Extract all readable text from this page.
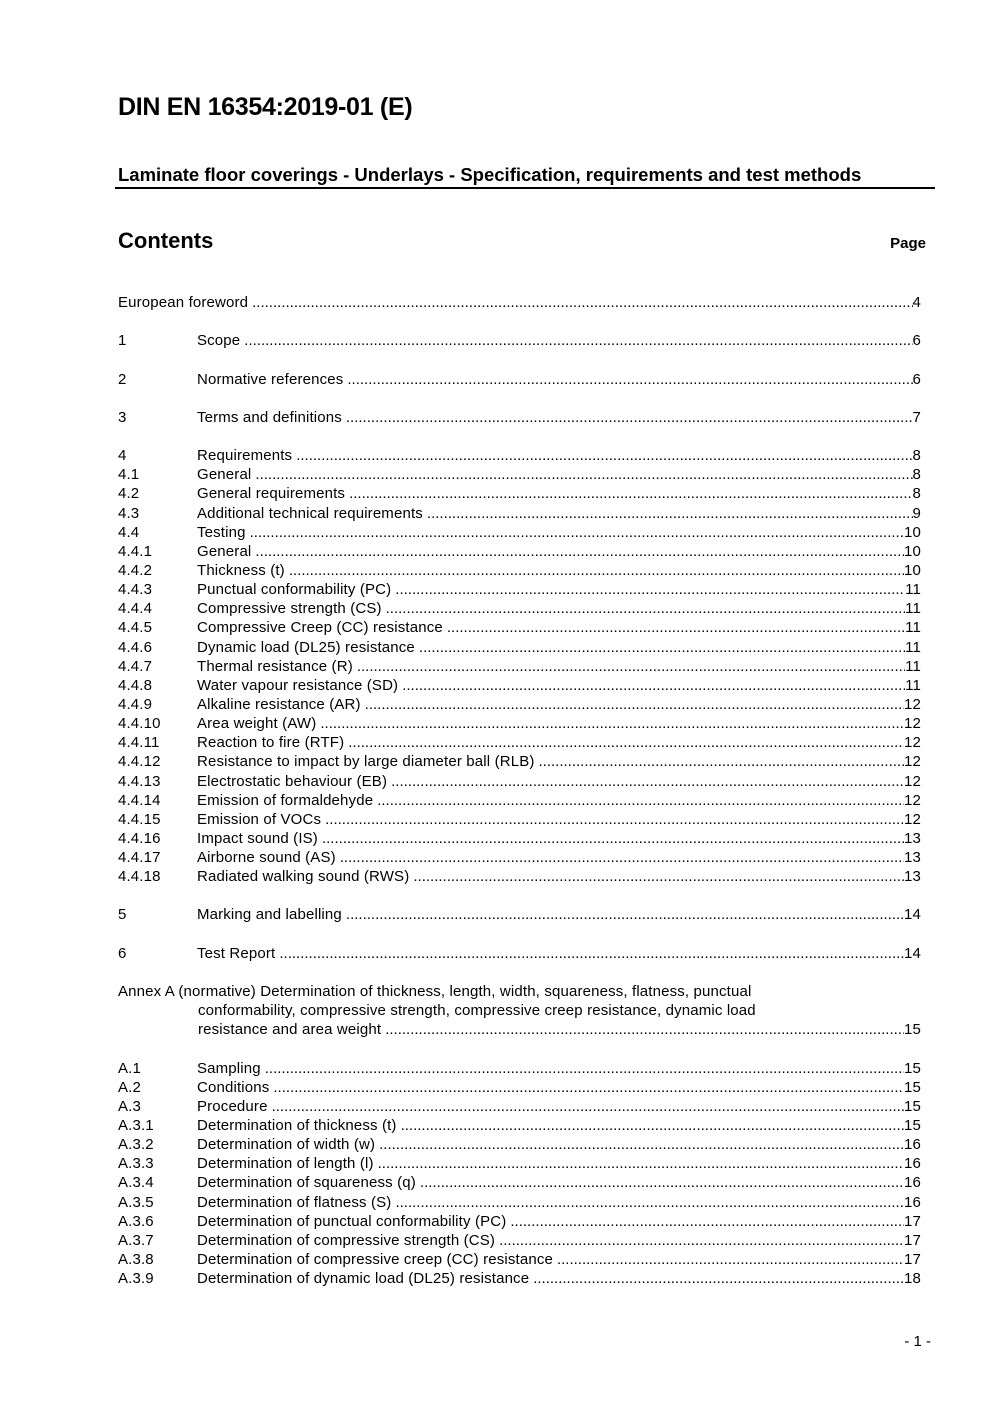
DIN EN 16354:2019-01 (E)
Laminate floor coverings - Underlays - Specification, requirements and test methods
Contents	Page
European foreword .....	4
1	Scope .....	6
2	Normative references .....	6
3	Terms and definitions .....	7
4	Requirements .....	8
4.1	General .....	8
4.2	General requirements .....	8
4.3	Additional technical requirements .....	9
4.4	Testing .....	10
4.4.1	General .....	10
4.4.2	Thickness (t) .....	10
4.4.3	Punctual conformability (PC) .....	11
4.4.4	Compressive strength (CS) .....	11
4.4.5	Compressive Creep (CC) resistance .....	11
4.4.6	Dynamic load (DL25) resistance .....	11
4.4.7	Thermal resistance (R) .....	11
4.4.8	Water vapour resistance (SD) .....	11
4.4.9	Alkaline resistance (AR) .....	12
4.4.10	Area weight (AW) .....	12
4.4.11	Reaction to fire (RTF) .....	12
4.4.12	Resistance to impact by large diameter ball (RLB) .....	12
4.4.13	Electrostatic behaviour (EB) .....	12
4.4.14	Emission of formaldehyde .....	12
4.4.15	Emission of VOCs .....	12
4.4.16	Impact sound (IS) .....	13
4.4.17	Airborne sound (AS) .....	13
4.4.18	Radiated walking sound (RWS) .....	13
5	Marking and labelling .....	14
6	Test Report .....	14
Annex A (normative) Determination of thickness, length, width, squareness, flatness, punctual
conformability, compressive strength, compressive creep resistance, dynamic load
resistance and area weight .....	15
A.1	Sampling .....	15
A.2	Conditions .....	15
A.3	Procedure .....	15
A.3.1	Determination of thickness (t) .....	15
A.3.2	Determination of width (w) .....	16
A.3.3	Determination of length (l) .....	16
A.3.4	Determination of squareness (q) .....	16
A.3.5	Determination of flatness (S) .....	16
A.3.6	Determination of punctual conformability (PC) .....	17
A.3.7	Determination of compressive strength (CS) .....	17
A.3.8	Determination of compressive creep (CC) resistance .....	17
A.3.9	Determination of dynamic load (DL25) resistance .....	18
- 1 -
